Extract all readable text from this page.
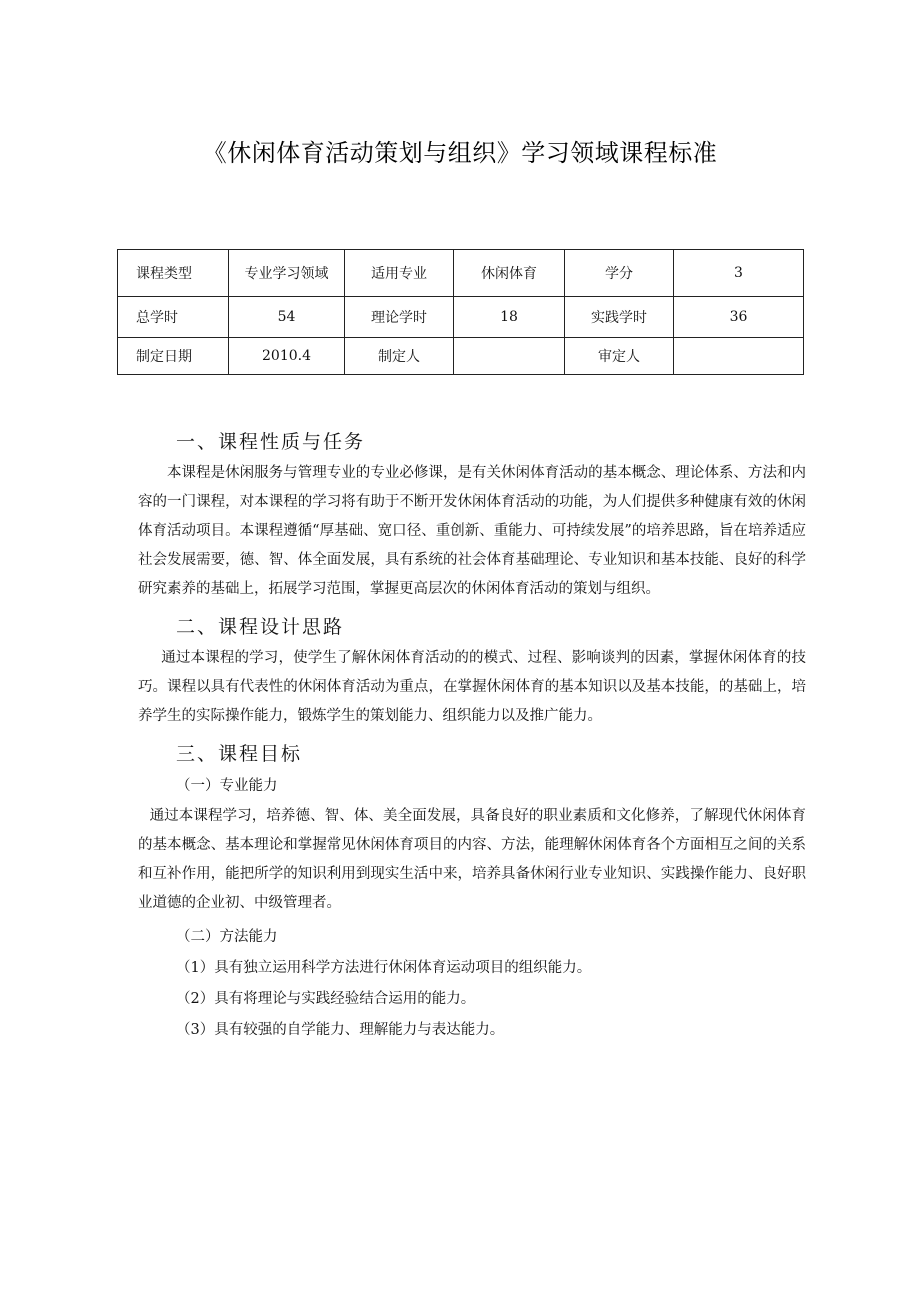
《休闲体育活动策划与组织》学习领域课程标准
课程类型	专业学习领域	适用专业	休闲体育	学分	3
总学时	54	理论学时	18	实践学时	36
制定日期	2010.4	制定人		审定人	
一、课程性质与任务

本课程是休闲服务与管理专业的专业必修课，是有关休闲体育活动的基本概念、理论体系、方法和内容的一门课程，对本课程的学习将有助于不断开发休闲体育活动的功能，为人们提供多种健康有效的休闲体育活动项目。本课程遵循“厚基础、宽口径、重创新、重能力、可持续发展”的培养思路，旨在培养适应社会发展需要，德、智、体全面发展，具有系统的社会体育基础理论、专业知识和基本技能、良好的科学研究素养的基础上，拓展学习范围，掌握更高层次的休闲体育活动的策划与组织。

二、课程设计思路

通过本课程的学习，使学生了解休闲体育活动的的模式、过程、影响谈判的因素，掌握休闲体育的技巧。课程以具有代表性的休闲体育活动为重点，在掌握休闲体育的基本知识以及基本技能，的基础上，培养学生的实际操作能力，锻炼学生的策划能力、组织能力以及推广能力。

三、课程目标
（一）专业能力

通过本课程学习，培养德、智、体、美全面发展，具备良好的职业素质和文化修养，了解现代休闲体育的基本概念、基本理论和掌握常见休闲体育项目的内容、方法，能理解休闲体育各个方面相互之间的关系和互补作用，能把所学的知识利用到现实生活中来，培养具备休闲行业专业知识、实践操作能力、良好职业道德的企业初、中级管理者。

（二）方法能力
（1）具有独立运用科学方法进行休闲体育运动项目的组织能力。
（2）具有将理论与实践经验结合运用的能力。
（3）具有较强的自学能力、理解能力与表达能力。
